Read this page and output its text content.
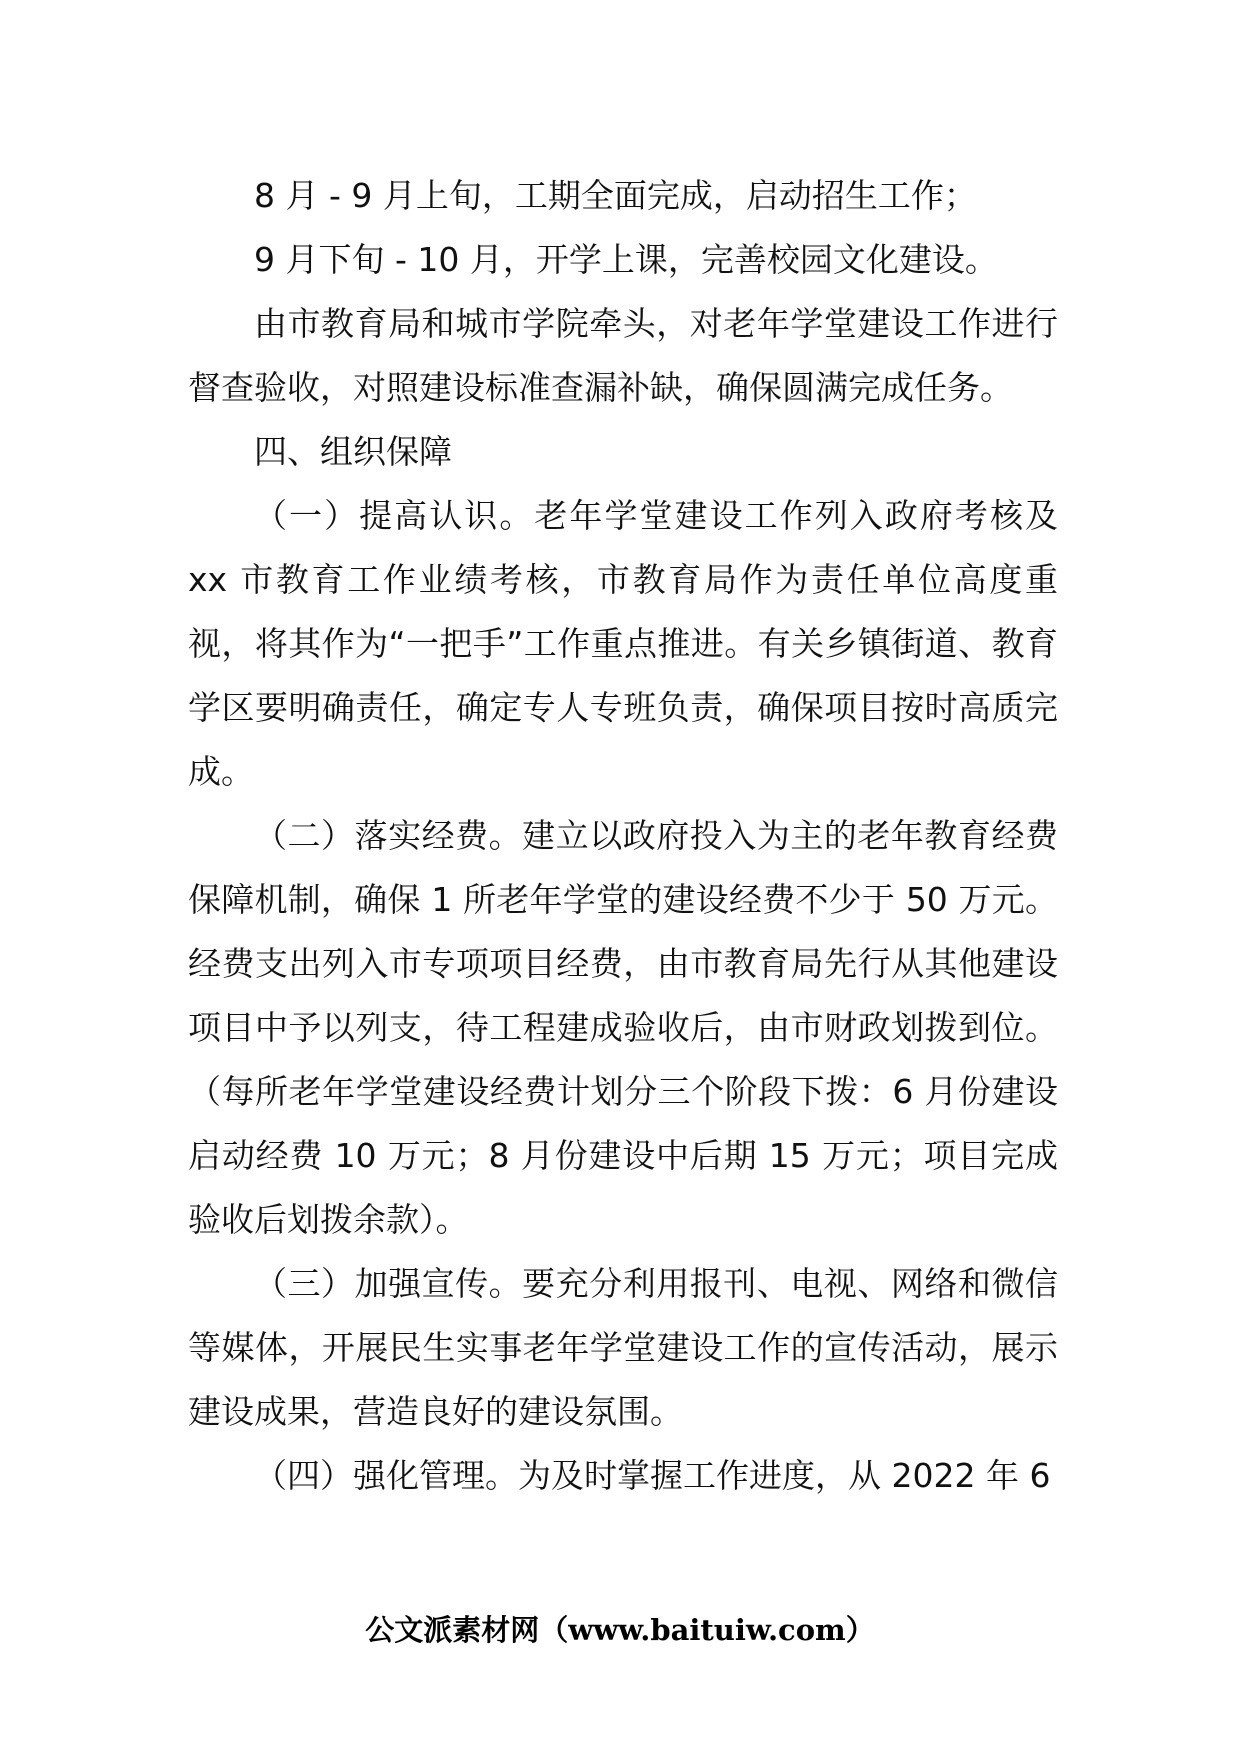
8 月 - 9 月上旬，工期全面完成，启动招生工作；

9 月下旬 - 10 月，开学上课，完善校园文化建设。

由市教育局和城市学院牵头，对老年学堂建设工作进行督查验收，对照建设标准查漏补缺，确保圆满完成任务。

四、组织保障

（一）提高认识。老年学堂建设工作列入政府考核及 xx 市教育工作业绩考核，市教育局作为责任单位高度重视，将其作为“一把手”工作重点推进。有关乡镇街道、教育学区要明确责任，确定专人专班负责，确保项目按时高质完成。

（二）落实经费。建立以政府投入为主的老年教育经费保障机制，确保 1 所老年学堂的建设经费不少于 50 万元。经费支出列入市专项项目经费，由市教育局先行从其他建设项目中予以列支，待工程建成验收后，由市财政划拨到位。（每所老年学堂建设经费计划分三个阶段下拨：6 月份建设启动经费 10 万元；8 月份建设中后期 15 万元；项目完成验收后划拨余款）。

（三）加强宣传。要充分利用报刊、电视、网络和微信等媒体，开展民生实事老年学堂建设工作的宣传活动，展示建设成果，营造良好的建设氛围。

（四）强化管理。为及时掌握工作进度，从 2022 年 6

公文派素材网（www.baituiw.com）
